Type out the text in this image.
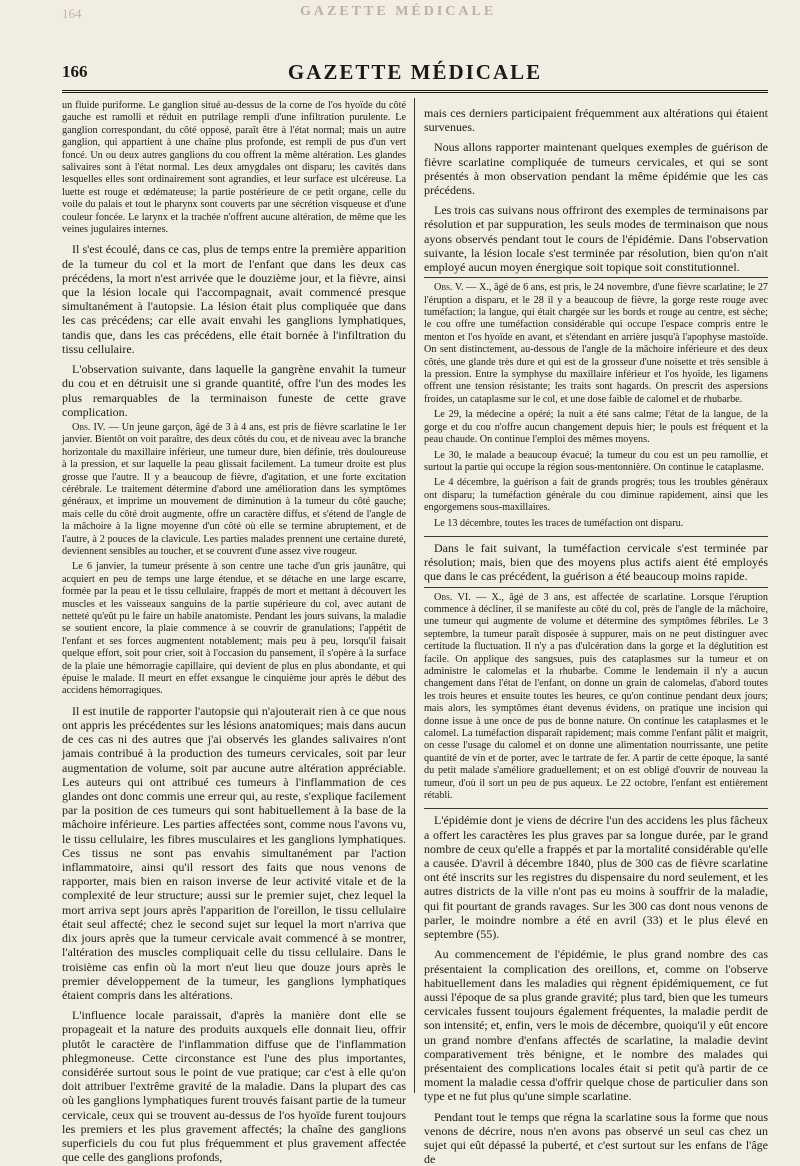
164	GAZETTE MÉDICALE
166	GAZETTE MÉDICALE

un fluide puriforme. Le ganglion situé au-dessus de la corne de l'os hyoïde du côté gauche est ramolli et réduit en putrilage rempli d'une infiltration purulente. Le ganglion correspondant, du côté opposé, paraît être à l'état normal; mais un autre ganglion, qui appartient à une chaîne plus profonde, est rempli de pus d'un vert foncé. Un ou deux autres ganglions du cou offrent la même altération. Les glandes salivaires sont à l'état normal. Les deux amygdales ont disparu; les cavités dans lesquelles elles sont ordinairement sont agrandies, et leur surface est ulcéreuse. La luette est rouge et œdémateuse; la partie postérieure de ce petit organe, celle du voile du palais et tout le pharynx sont couverts par une sécrétion visqueuse et d'une couleur foncée. Le larynx et la trachée n'offrent aucune altération, de même que les veines jugulaires internes.

Il s'est écoulé, dans ce cas, plus de temps entre la première apparition de la tumeur du col et la mort de l'enfant que dans les deux cas précédens, la mort n'est arrivée que le douzième jour, et la fièvre, ainsi que la lésion locale qui l'accompagnait, avait commencé presque simultanément à l'autopsie. La lésion était plus compliquée que dans les cas précédens; car elle avait envahi les ganglions lymphatiques, tandis que, dans les cas précédens, elle était bornée à l'infiltration du tissu cellulaire.

L'observation suivante, dans laquelle la gangrène envahit la tumeur du cou et en détruisit une si grande quantité, offre l'un des modes les plus remarquables de la terminaison funeste de cette grave complication.

Obs. IV. — Un jeune garçon, âgé de 3 à 4 ans, est pris de fièvre scarlatine le 1er janvier. Bientôt on voit paraître, des deux côtés du cou, et de niveau avec la branche horizontale du maxillaire inférieur, une tumeur dure, bien définie, très douloureuse à la pression, et sur laquelle la peau glissait facilement. La tumeur droite est plus grosse que l'autre. Il y a beaucoup de fièvre, d'agitation, et une forte excitation cérébrale. Le traitement détermine d'abord une amélioration dans les symptômes généraux, et imprime un mouvement de diminution à la tumeur du côté gauche; mais celle du côté droit augmente, offre un caractère diffus, et s'étend de l'angle de la mâchoire à la ligne moyenne d'un côté où elle se termine abruptement, et de l'autre, à 2 pouces de la clavicule. Les parties malades prennent une certaine dureté, deviennent sensibles au toucher, et se couvrent d'une assez vive rougeur.

Le 6 janvier, la tumeur présente à son centre une tache d'un gris jaunâtre, qui acquiert en peu de temps une large étendue, et se détache en une large escarre, formée par la peau et le tissu cellulaire, frappés de mort et mettant à découvert les muscles et les vaisseaux sanguins de la partie supérieure du col, avec autant de netteté qu'eût pu le faire un habile anatomiste. Pendant les jours suivans, la maladie se soutient encore, la plaie commence à se couvrir de granulations; l'appétit de l'enfant et ses forces augmentent notablement; mais peu à peu, lorsqu'il faisait quelque effort, soit pour crier, soit à l'occasion du pansement, il s'opère à la surface de la plaie une hémorragie capillaire, qui devient de plus en plus abondante, et qui épuise le malade. Il meurt en effet exsangue le cinquième jour après le début des accidens hémorragiques.

Il est inutile de rapporter l'autopsie qui n'ajouterait rien à ce que nous ont appris les précédentes sur les lésions anatomiques; mais dans aucun de ces cas ni des autres que j'ai observés les glandes salivaires n'ont jamais contribué à la production des tumeurs cervicales, soit par leur augmentation de volume, soit par aucune autre altération appréciable. Les auteurs qui ont attribué ces tumeurs à l'inflammation de ces glandes ont donc commis une erreur qui, au reste, s'explique facilement par la position de ces tumeurs qui sont habituellement à la base de la mâchoire inférieure. Les parties affectées sont, comme nous l'avons vu, le tissu cellulaire, les fibres musculaires et les ganglions lymphatiques. Ces tissus ne sont pas envahis simultanément par l'action inflammatoire, ainsi qu'il ressort des faits que nous venons de rapporter, mais bien en raison inverse de leur activité vitale et de la complexité de leur structure; aussi sur le premier sujet, chez lequel la mort arriva sept jours après l'apparition de l'oreillon, le tissu cellulaire était seul affecté; chez le second sujet sur lequel la mort n'arriva que dix jours après que la tumeur cervicale avait commencé à se montrer, l'altération des muscles compliquait celle du tissu cellulaire. Dans le troisième cas enfin où la mort n'eut lieu que douze jours après le premier développement de la tumeur, les ganglions lymphatiques étaient compris dans les altérations.

L'influence locale paraissait, d'après la manière dont elle se propageait et la nature des produits auxquels elle donnait lieu, offrir plutôt le caractère de l'inflammation diffuse que de l'inflammation phlegmoneuse. Cette circonstance est l'une des plus importantes, considérée surtout sous le point de vue pratique; car c'est à elle qu'on doit attribuer l'extrême gravité de la maladie. Dans la plupart des cas où les ganglions lymphatiques furent trouvés faisant partie de la tumeur cervicale, ceux qui se trouvent au-dessus de l'os hyoïde furent toujours les premiers et les plus gravement affectés; la chaîne des ganglions superficiels du cou fut plus fréquemment et plus gravement affectée que celle des ganglions profonds,

mais ces derniers participaient fréquemment aux altérations qui étaient survenues.

Nous allons rapporter maintenant quelques exemples de guérison de fièvre scarlatine compliquée de tumeurs cervicales, et qui se sont présentés à mon observation pendant la même épidémie que les cas précédens.

Les trois cas suivans nous offriront des exemples de terminaisons par résolution et par suppuration, les seuls modes de terminaison que nous ayons observés pendant tout le cours de l'épidémie. Dans l'observation suivante, la lésion locale s'est terminée par résolution, bien qu'on n'ait employé aucun moyen énergique soit topique soit constitutionnel.

Obs. V. — X., âgé de 6 ans, est pris, le 24 novembre, d'une fièvre scarlatine; le 27 l'éruption a disparu, et le 28 il y a beaucoup de fièvre, la gorge reste rouge avec tuméfaction; la langue, qui était chargée sur les bords et rouge au centre, est sèche; le cou offre une tuméfaction considérable qui occupe l'espace compris entre le menton et l'os hyoïde en avant, et s'étendant en arrière jusqu'à l'apophyse mastoïde. On sent distinctement, au-dessous de l'angle de la mâchoire inférieure et des deux côtés, une glande très dure et qui est de la grosseur d'une noisette et très sensible à la pression. Entre la symphyse du maxillaire inférieur et l'os hyoïde, les ligamens offrent une tension résistante; les traits sont hagards. On prescrit des aspersions froides, un cataplasme sur le col, et une dose faible de calomel et de rhubarbe.

Le 29, la médecine a opéré; la nuit a été sans calme; l'état de la langue, de la gorge et du cou n'offre aucun changement depuis hier; le pouls est fréquent et la peau chaude. On continue l'emploi des mêmes moyens.

Le 30, le malade a beaucoup évacué; la tumeur du cou est un peu ramollie, et surtout la partie qui occupe la région sous-mentonnière. On continue le cataplasme.

Le 4 décembre, la guérison a fait de grands progrès; tous les troubles généraux ont disparu; la tuméfaction générale du cou diminue rapidement, ainsi que les engorgemens sous-maxillaires.

Le 13 décembre, toutes les traces de tuméfaction ont disparu.

Dans le fait suivant, la tuméfaction cervicale s'est terminée par résolution; mais, bien que des moyens plus actifs aient été employés que dans le cas précédent, la guérison a été beaucoup moins rapide.

Obs. VI. — X., âgé de 3 ans, est affectée de scarlatine. Lorsque l'éruption commence à décliner, il se manifeste au côté du col, près de l'angle de la mâchoire, une tumeur qui augmente de volume et détermine des symptômes fébriles. Le 3 septembre, la tumeur paraît disposée à suppurer, mais on ne peut distinguer avec certitude la fluctuation. Il n'y a pas d'ulcération dans la gorge et la déglutition est facile. On applique des sangsues, puis des cataplasmes sur la tumeur et on administre le calomelas et la rhubarbe. Comme le lendemain il n'y a aucun changement dans l'état de l'enfant, on donne un grain de calomelas, d'abord toutes les trois heures et ensuite toutes les heures, ce qu'on continue pendant deux jours; mais alors, les symptômes étant devenus évidens, on pratique une incision qui donne issue à une once de pus de bonne nature. On continue les cataplasmes et le calomel. La tuméfaction disparaît rapidement; mais comme l'enfant pâlit et maigrit, on cesse l'usage du calomel et on donne une alimentation nourrissante, une petite quantité de vin et de porter, avec le tartrate de fer. A partir de cette époque, la santé du petit malade s'améliore graduellement; et on est obligé d'ouvrir de nouveau la tumeur, d'où il sort un peu de pus aqueux. Le 22 octobre, l'enfant est entièrement rétabli.

L'épidémie dont je viens de décrire l'un des accidens les plus fâcheux a offert les caractères les plus graves par sa longue durée, par le grand nombre de ceux qu'elle a frappés et par la mortalité considérable qu'elle a causée. D'avril à décembre 1840, plus de 300 cas de fièvre scarlatine ont été inscrits sur les registres du dispensaire du nord seulement, et les autres districts de la ville n'ont pas eu moins à souffrir de la maladie, qui fit pourtant de grands ravages. Sur les 300 cas dont nous venons de parler, le moindre nombre a été en avril (33) et le plus élevé en septembre (55).

Au commencement de l'épidémie, le plus grand nombre des cas présentaient la complication des oreillons, et, comme on l'observe habituellement dans les maladies qui règnent épidémiquement, ce fut aussi l'époque de sa plus grande gravité; plus tard, bien que les tumeurs cervicales fussent toujours également fréquentes, la maladie perdit de son intensité; et, enfin, vers le mois de décembre, quoiqu'il y eût encore un grand nombre d'enfans affectés de scarlatine, la maladie devint comparativement très bénigne, et le nombre des malades qui présentaient des complications locales était si petit qu'à partir de ce moment la maladie cessa d'offrir quelque chose de particulier dans son type et ne fut plus qu'une simple scarlatine.

Pendant tout le temps que régna la scarlatine sous la forme que nous venons de décrire, nous n'en avons pas observé un seul cas chez un sujet qui eût dépassé la puberté, et c'est surtout sur les enfans de l'âge de
